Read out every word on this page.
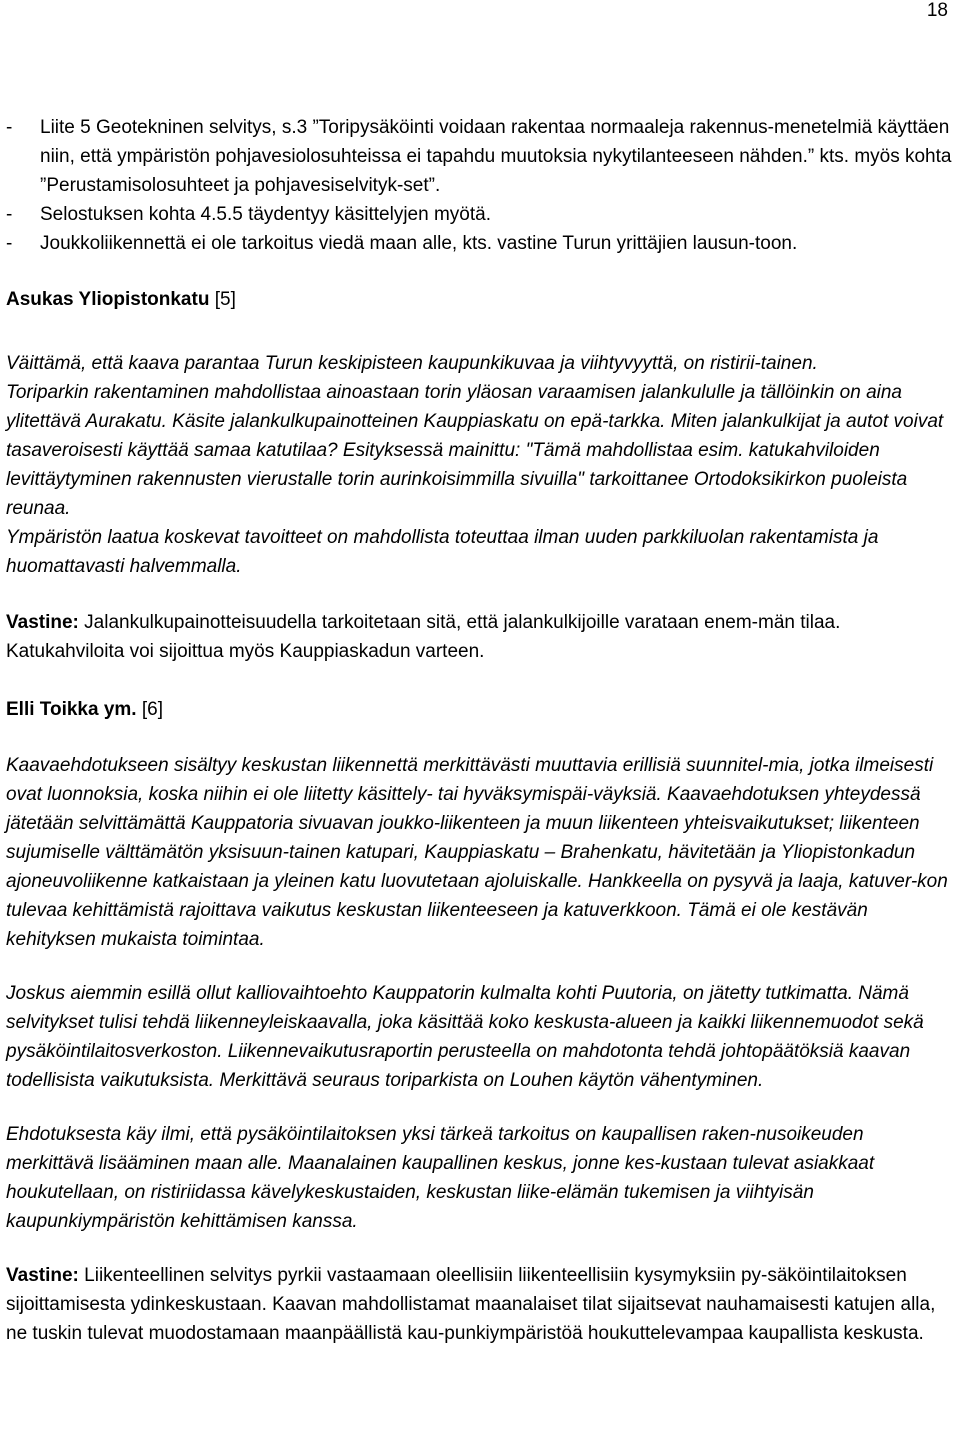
18
- Liite 5 Geotekninen selvitys, s.3 ”Toripysäköinti voidaan rakentaa normaaleja rakennus-menetelmiä käyttäen niin, että ympäristön pohjavesiolosuhteissa ei tapahdu muutoksia nykytilanteeseen nähden.” kts. myös kohta ”Perustamisolosuhteet ja pohjavesiselvityk-set”.
- Selostuksen kohta 4.5.5 täydentyy käsittelyjen myötä.
- Joukkoliikennettä ei ole tarkoitus viedä maan alle, kts. vastine Turun yrittäjien lausun-toon.

Asukas Yliopistonkatu [5]

Väittämä, että kaava parantaa Turun keskipisteen kaupunkikuvaa ja viihtyvyyttä, on ristirii-tainen.

Toriparkin rakentaminen mahdollistaa ainoastaan torin yläosan varaamisen jalankululle ja tällöinkin on aina ylitettävä Aurakatu. Käsite jalankulkupainotteinen Kauppiaskatu on epä-tarkka. Miten jalankulkijat ja autot voivat tasaveroisesti käyttää samaa katutilaa? Esityksessä mainittu: "Tämä mahdollistaa esim. katukahviloiden levittäytyminen rakennusten vierustalle torin aurinkoisimmilla sivuilla" tarkoittanee Ortodoksikirkon puoleista reunaa.

Ympäristön laatua koskevat tavoitteet on mahdollista toteuttaa ilman uuden parkkiluolan rakentamista ja huomattavasti halvemmalla.

Vastine: Jalankulkupainotteisuudella tarkoitetaan sitä, että jalankulkijoille varataan enem-män tilaa. Katukahviloita voi sijoittua myös Kauppiaskadun varteen.

Elli Toikka ym. [6]

Kaavaehdotukseen sisältyy keskustan liikennettä merkittävästi muuttavia erillisiä suunnitel-mia, jotka ilmeisesti ovat luonnoksia, koska niihin ei ole liitetty käsittely- tai hyväksymispäi-väyksiä. Kaavaehdotuksen yhteydessä jätetään selvittämättä Kauppatoria sivuavan joukko-liikenteen ja muun liikenteen yhteisvaikutukset; liikenteen sujumiselle välttämätön yksisuun-tainen katupari, Kauppiaskatu – Brahenkatu, hävitetään ja Yliopistonkadun ajoneuvoliikenne katkaistaan ja yleinen katu luovutetaan ajoluiskalle. Hankkeella on pysyvä ja laaja, katuver-kon tulevaa kehittämistä rajoittava vaikutus keskustan liikenteeseen ja katuverkkoon. Tämä ei ole kestävän kehityksen mukaista toimintaa.

Joskus aiemmin esillä ollut kalliovaihtoehto Kauppatorin kulmalta kohti Puutoria, on jätetty tutkimatta. Nämä selvitykset tulisi tehdä liikenneyleiskaavalla, joka käsittää koko keskusta-alueen ja kaikki liikennemuodot sekä pysäköintilaitosverkoston. Liikennevaikutusraportin perusteella on mahdotonta tehdä johtopäätöksiä kaavan todellisista vaikutuksista. Merkittävä seuraus toriparkista on Louhen käytön vähentyminen.

Ehdotuksesta käy ilmi, että pysäköintilaitoksen yksi tärkeä tarkoitus on kaupallisen raken-nusoikeuden merkittävä lisääminen maan alle. Maanalainen kaupallinen keskus, jonne kes-kustaan tulevat asiakkaat houkutellaan, on ristiriidassa kävelykeskustaiden, keskustan liike-elämän tukemisen ja viihtyisän kaupunkiympäristön kehittämisen kanssa.

Vastine: Liikenteellinen selvitys pyrkii vastaamaan oleellisiin liikenteellisiin kysymyksiin py-säköintilaitoksen sijoittamisesta ydinkeskustaan. Kaavan mahdollistamat maanalaiset tilat sijaitsevat nauhamaisesti katujen alla, ne tuskin tulevat muodostamaan maanpäällistä kau-punkiympäristöä houkuttelevampaa kaupallista keskusta.
